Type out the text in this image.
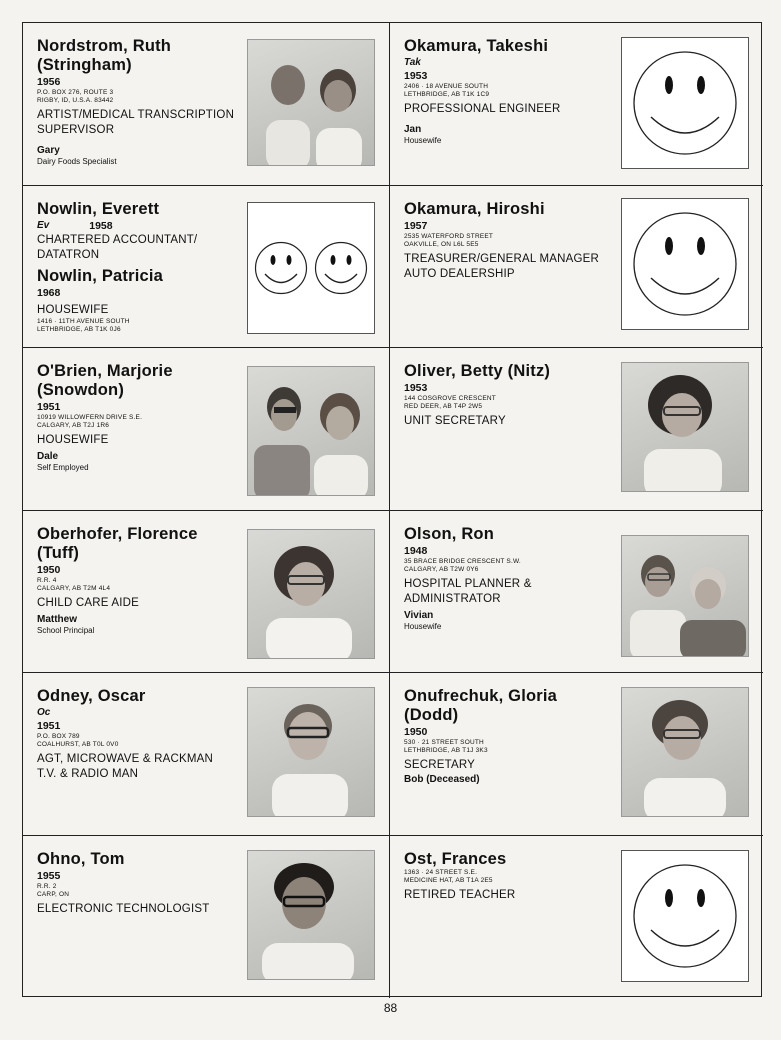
Nordstrom, Ruth
(Stringham)
1956
P.O. BOX 276, ROUTE 3
RIGBY, ID, U.S.A. 83442
ARTIST/MEDICAL TRANSCRIPTION
SUPERVISOR
Gary
Dairy Foods Specialist
Okamura, Takeshi
Tak
1953
2406 · 18 AVENUE SOUTH
LETHBRIDGE, AB T1K 1C9
PROFESSIONAL ENGINEER
Jan
Housewife
Nowlin, Everett
Ev	1958
CHARTERED ACCOUNTANT/
DATATRON
Nowlin, Patricia
1968
HOUSEWIFE
1416 · 11TH AVENUE SOUTH
LETHBRIDGE, AB T1K 0J6
Okamura, Hiroshi
1957
2535 WATERFORD STREET
OAKVILLE, ON L6L 5E5
TREASURER/GENERAL MANAGER
AUTO DEALERSHIP
O'Brien, Marjorie
(Snowdon)
1951
10919 WILLOWFERN DRIVE S.E.
CALGARY, AB T2J 1R6
HOUSEWIFE
Dale
Self Employed
Oliver, Betty (Nitz)
1953
144 COSGROVE CRESCENT
RED DEER, AB T4P 2W5
UNIT SECRETARY
Oberhofer, Florence
(Tuff)
1950
R.R. 4
CALGARY, AB T2M 4L4
CHILD CARE AIDE
Matthew
School Principal
Olson, Ron
1948
35 BRACE BRIDGE CRESCENT S.W.
CALGARY, AB T2W 0Y6
HOSPITAL PLANNER &
ADMINISTRATOR
Vivian
Housewife
Odney, Oscar
Oc
1951
P.O. BOX 789
COALHURST, AB T0L 0V0
AGT, MICROWAVE & RACKMAN
T.V. & RADIO MAN
Onufrechuk, Gloria
(Dodd)
1950
530 · 21 STREET SOUTH
LETHBRIDGE, AB T1J 3K3
SECRETARY
Bob (Deceased)
Ohno, Tom
1955
R.R. 2
CARP, ON
ELECTRONIC TECHNOLOGIST
Ost, Frances
1363 · 24 STREET S.E.
MEDICINE HAT, AB T1A 2E5
RETIRED TEACHER
88
